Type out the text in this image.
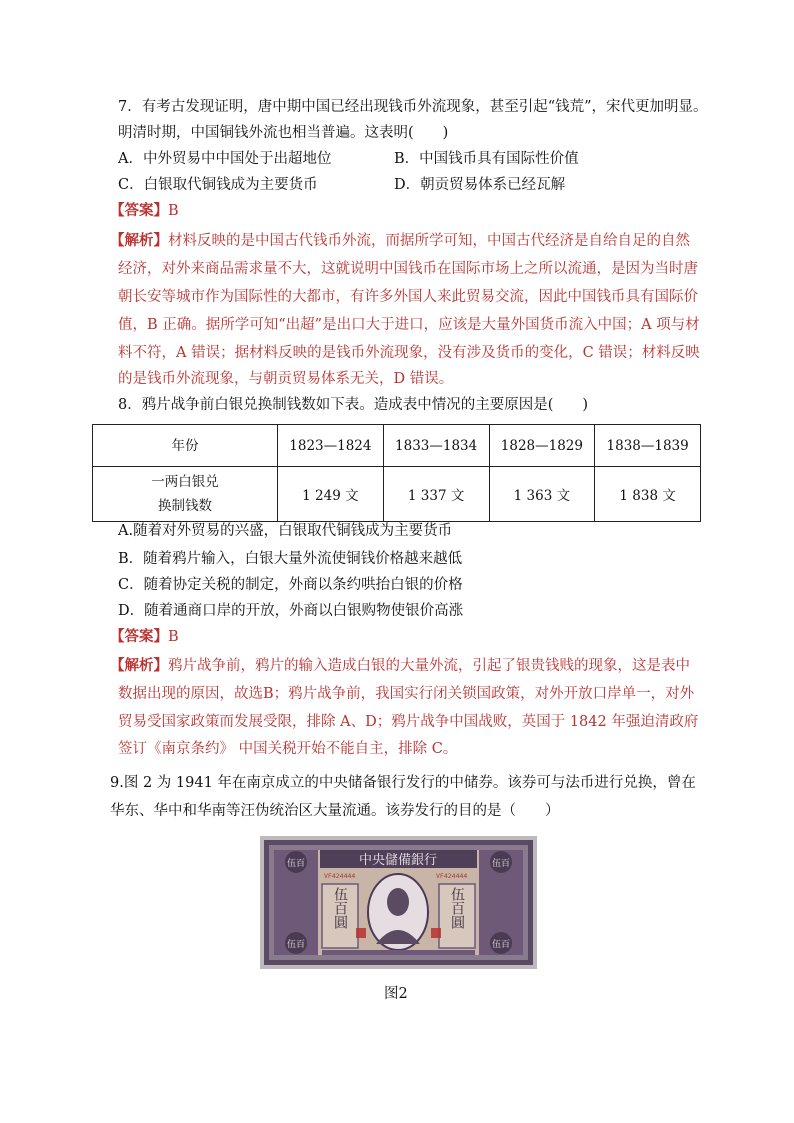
7．有考古发现证明，唐中期中国已经出现钱币外流现象，甚至引起“钱荒”，宋代更加明显。
明清时期，中国铜钱外流也相当普遍。这表明(　　)
A．中外贸易中中国处于出超地位	B．中国钱币具有国际性价值
C．白银取代铜钱成为主要货币	D．朝贡贸易体系已经瓦解
【答案】B
【解析】材料反映的是中国古代钱币外流，而据所学可知，中国古代经济是自给自足的自然
经济，对外来商品需求量不大，这就说明中国钱币在国际市场上之所以流通，是因为当时唐
朝长安等城市作为国际性的大都市，有许多外国人来此贸易交流，因此中国钱币具有国际价
值，B 正确。据所学可知“出超”是出口大于进口，应该是大量外国货币流入中国；A 项与材
料不符，A 错误；据材料反映的是钱币外流现象，没有涉及货币的变化，C 错误；材料反映
的是钱币外流现象，与朝贡贸易体系无关，D 错误。
8．鸦片战争前白银兑换制钱数如下表。造成表中情况的主要原因是(　　)
年份	1823—1824	1833—1834	1828—1829	1838—1839

一两白银兑
换制钱数	1 249 文	1 337 文	1 363 文	1 838 文
A.随着对外贸易的兴盛，白银取代铜钱成为主要货币
B．随着鸦片输入，白银大量外流使铜钱价格越来越低
C．随着协定关税的制定，外商以条约哄抬白银的价格
D．随着通商口岸的开放，外商以白银购物使银价高涨
【答案】B
【解析】鸦片战争前，鸦片的输入造成白银的大量外流，引起了银贵钱贱的现象，这是表中
数据出现的原因，故选B；鸦片战争前，我国实行闭关锁国政策，对外开放口岸单一，对外
贸易受国家政策而发展受限，排除 A、D；鸦片战争中国战败，英国于 1842 年强迫清政府
签订《南京条约》 中国关税开始不能自主，排除 C。
9.图 2 为 1941 年在南京成立的中央储备银行发行的中储券。该券可与法币进行兑换，曾在
华东、华中和华南等汪伪统治区大量流通。该券发行的目的是（　　）
伍百	伍百
伍百	伍百
中央儲備銀行
VF424444	VF424444
伍百圓	伍百圓
图2
